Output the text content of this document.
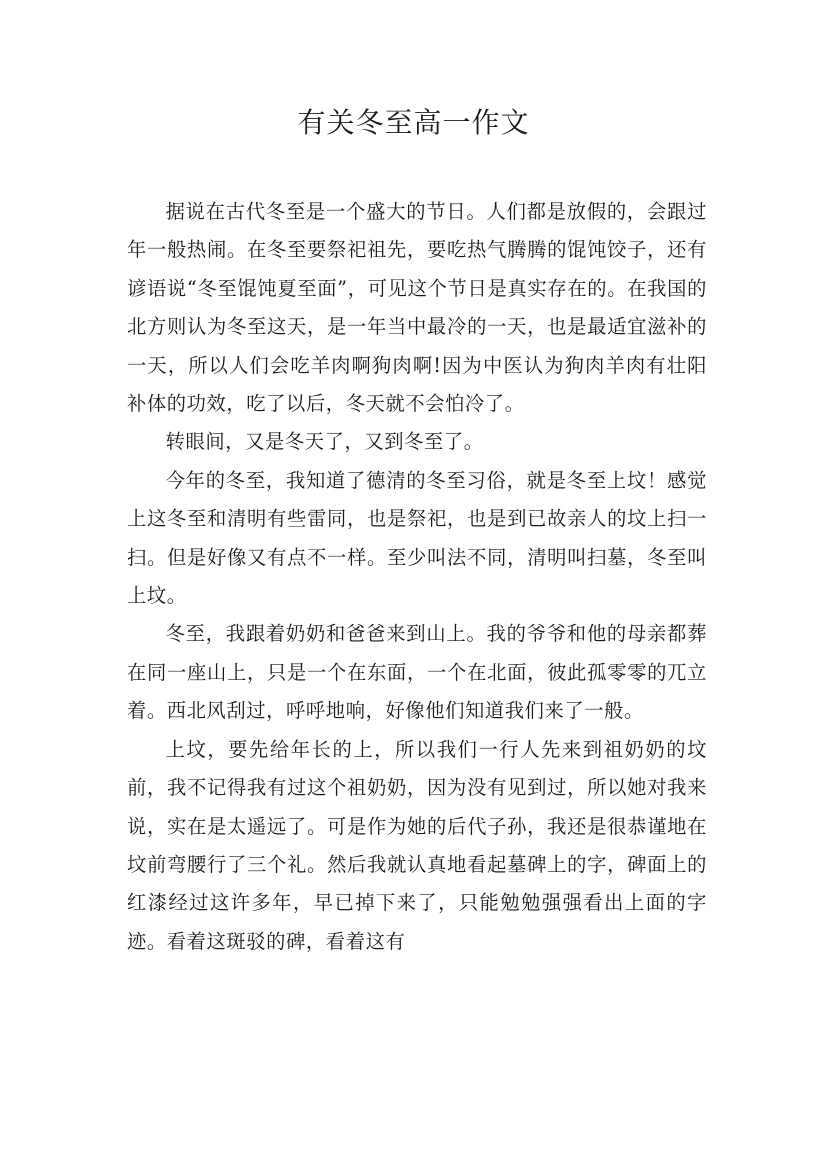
有关冬至高一作文

据说在古代冬至是一个盛大的节日。人们都是放假的，会跟过年一般热闹。在冬至要祭祀祖先，要吃热气腾腾的馄饨饺子，还有谚语说“冬至馄饨夏至面”，可见这个节日是真实存在的。在我国的北方则认为冬至这天，是一年当中最冷的一天，也是最适宜滋补的一天，所以人们会吃羊肉啊狗肉啊!因为中医认为狗肉羊肉有壮阳补体的功效，吃了以后，冬天就不会怕冷了。

转眼间，又是冬天了，又到冬至了。

今年的冬至，我知道了德清的冬至习俗，就是冬至上坟！感觉上这冬至和清明有些雷同，也是祭祀，也是到已故亲人的坟上扫一扫。但是好像又有点不一样。至少叫法不同，清明叫扫墓，冬至叫上坟。

冬至，我跟着奶奶和爸爸来到山上。我的爷爷和他的母亲都葬在同一座山上，只是一个在东面，一个在北面，彼此孤零零的兀立着。西北风刮过，呼呼地响，好像他们知道我们来了一般。

上坟，要先给年长的上，所以我们一行人先来到祖奶奶的坟前，我不记得我有过这个祖奶奶，因为没有见到过，所以她对我来说，实在是太遥远了。可是作为她的后代子孙，我还是很恭谨地在坟前弯腰行了三个礼。然后我就认真地看起墓碑上的字，碑面上的红漆经过这许多年，早已掉下来了，只能勉勉强强看出上面的字迹。看着这斑驳的碑，看着这有
